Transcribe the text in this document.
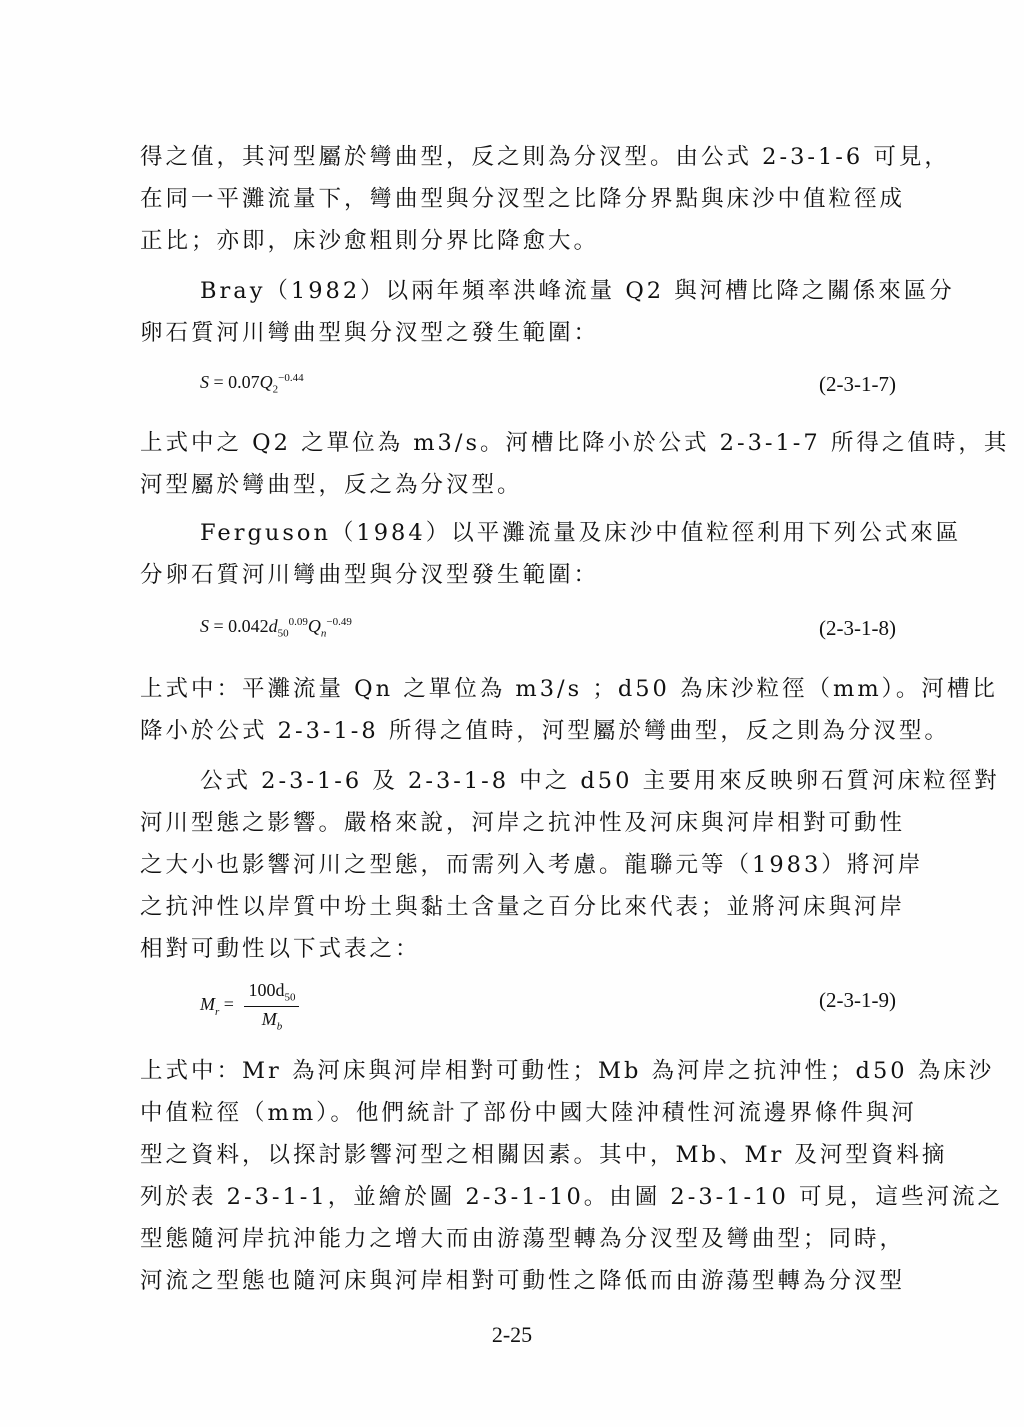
得之值，其河型屬於彎曲型，反之則為分汊型。由公式 2-3-1-6 可見，
在同一平灘流量下，彎曲型與分汊型之比降分界點與床沙中值粒徑成
正比；亦即，床沙愈粗則分界比降愈大。
Bray（1982）以兩年頻率洪峰流量 Q2 與河槽比降之關係來區分
卵石質河川彎曲型與分汊型之發生範圍：
$S = 0.07Q_2^{-0.44}$	(2-3-1-7)
上式中之 Q2 之單位為 m3/s。河槽比降小於公式 2-3-1-7 所得之值時，其
河型屬於彎曲型，反之為分汊型。
Ferguson（1984）以平灘流量及床沙中值粒徑利用下列公式來區
分卵石質河川彎曲型與分汊型發生範圍：
$S = 0.042d_{50}^{0.09}Q_n^{-0.49}$	(2-3-1-8)
上式中：平灘流量 Qn 之單位為 m3/s ；d50 為床沙粒徑（mm）。河槽比
降小於公式 2-3-1-8 所得之值時，河型屬於彎曲型，反之則為分汊型。
公式 2-3-1-6 及 2-3-1-8 中之 d50 主要用來反映卵石質河床粒徑對
河川型態之影響。嚴格來說，河岸之抗沖性及河床與河岸相對可動性
之大小也影響河川之型態，而需列入考慮。龍聯元等（1983）將河岸
之抗沖性以岸質中坋土與黏土含量之百分比來代表；並將河床與河岸
相對可動性以下式表之：
$M_r = \frac{100d_{50}}{M_b}$	(2-3-1-9)
上式中：Mr 為河床與河岸相對可動性；Mb 為河岸之抗沖性；d50 為床沙
中值粒徑（mm）。他們統計了部份中國大陸沖積性河流邊界條件與河
型之資料，以探討影響河型之相關因素。其中，Mb、Mr 及河型資料摘
列於表 2-3-1-1，並繪於圖 2-3-1-10。由圖 2-3-1-10 可見，這些河流之
型態隨河岸抗沖能力之增大而由游蕩型轉為分汊型及彎曲型；同時，
河流之型態也隨河床與河岸相對可動性之降低而由游蕩型轉為分汊型
2-25
